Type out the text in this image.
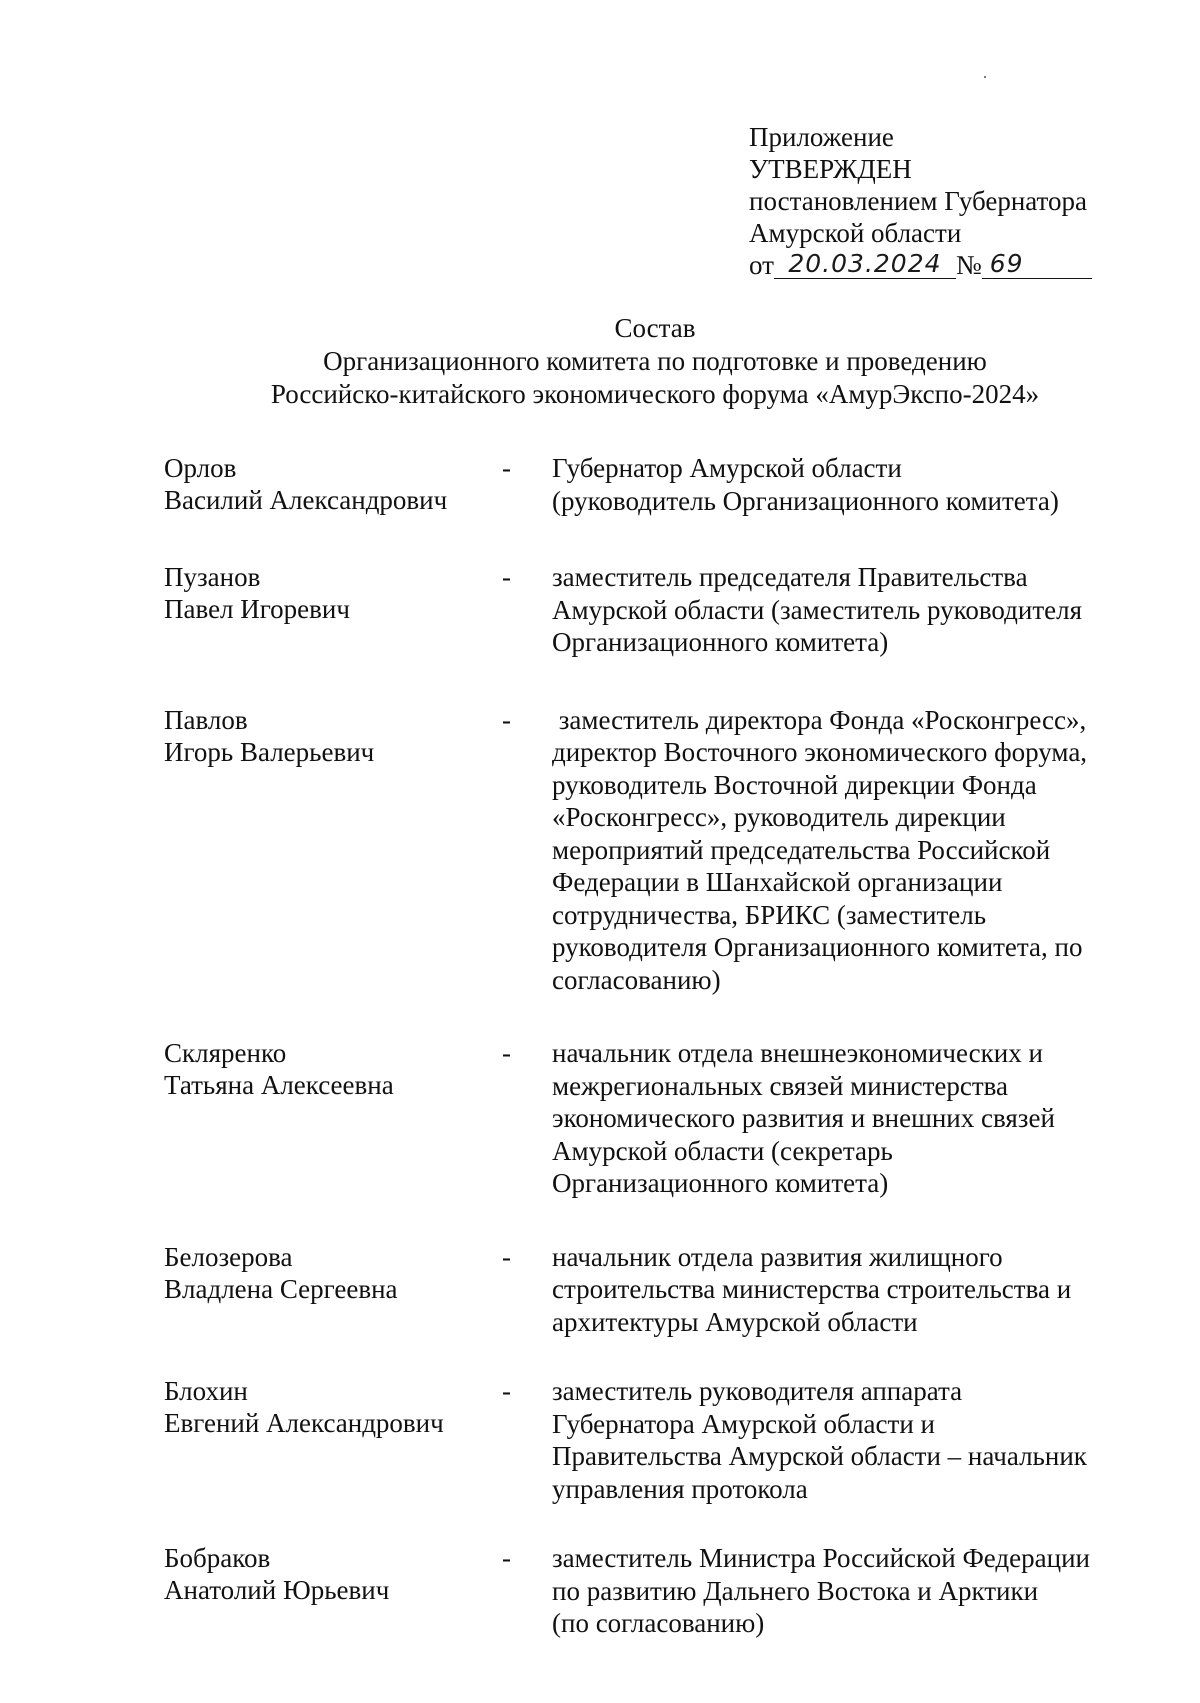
Приложение
УТВЕРЖДЕН
постановлением Губернатора
Амурской области
от 20.03.2024 № 69
Состав
Организационного комитета по подготовке и проведению
Российско-китайского экономического форума «АмурЭкспо-2024»
Орлов
Василий Александрович
-	Губернатор Амурской области
(руководитель Организационного комитета)
Пузанов
Павел Игоревич
-	заместитель председателя Правительства
Амурской области (заместитель руководителя
Организационного комитета)
Павлов
Игорь Валерьевич
-	заместитель директора Фонда «Росконгресс»,
директор Восточного экономического форума,
руководитель Восточной дирекции Фонда
«Росконгресс», руководитель дирекции
мероприятий председательства Российской
Федерации в Шанхайской организации
сотрудничества, БРИКС (заместитель
руководителя Организационного комитета, по
согласованию)
Скляренко
Татьяна Алексеевна
-	начальник отдела внешнеэкономических и
межрегиональных связей министерства
экономического развития и внешних связей
Амурской области (секретарь
Организационного комитета)
Белозерова
Владлена Сергеевна
-	начальник отдела развития жилищного
строительства министерства строительства и
архитектуры Амурской области
Блохин
Евгений Александрович
-	заместитель руководителя аппарата
Губернатора Амурской области и
Правительства Амурской области – начальник
управления протокола
Бобраков
Анатолий Юрьевич
-	заместитель Министра Российской Федерации
по развитию Дальнего Востока и Арктики
(по согласованию)
